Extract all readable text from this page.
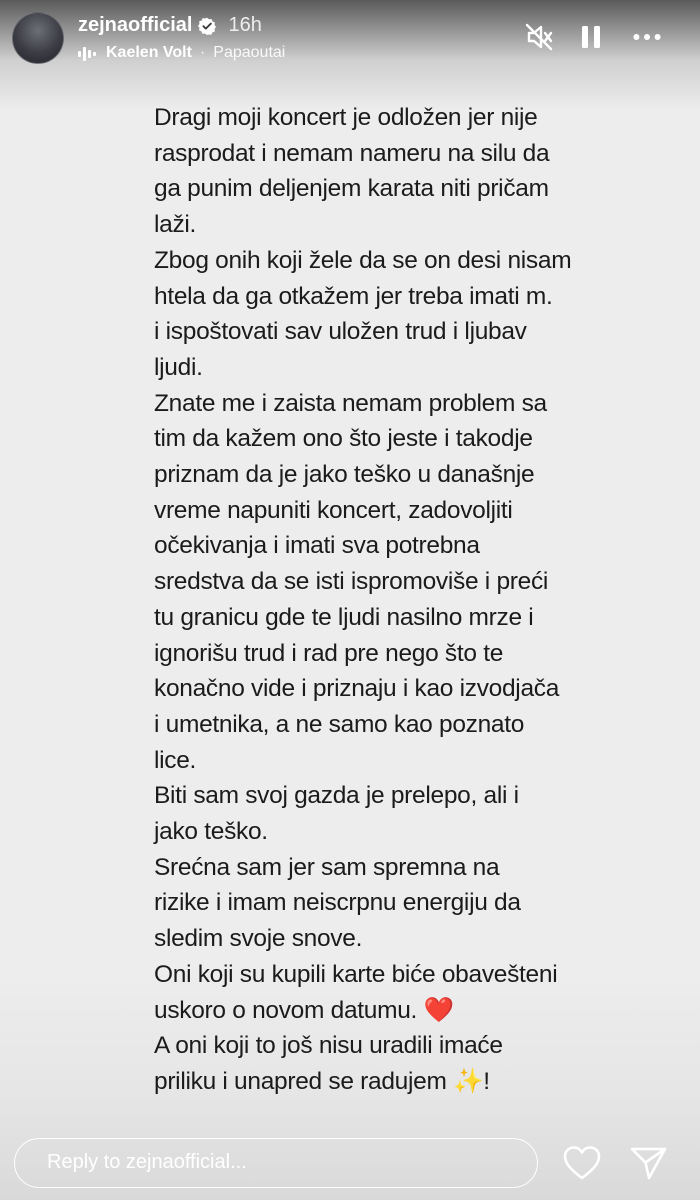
zejnaofficial 16h
Kaelen Volt · Papaoutai
Dragi moji koncert je odložen jer nije
rasprodat i nemam nameru na silu da
ga punim deljenjem karata niti pričam
laži.
Zbog onih koji žele da se on desi nisam
htela da ga otkažem jer treba imati m.
i ispoštovati sav uložen trud i ljubav
ljudi.
Znate me i zaista nemam problem sa
tim da kažem ono što jeste i takodje
priznam da je jako teško u današnje
vreme napuniti koncert, zadovoljiti
očekivanja i imati sva potrebna
sredstva da se isti ispromoviše i preći
tu granicu gde te ljudi nasilno mrze i
ignorišu trud i rad pre nego što te
konačno vide i priznaju i kao izvodjača
i umetnika, a ne samo kao poznato
lice.
Biti sam svoj gazda je prelepo, ali i
jako teško.
Srećna sam jer sam spremna na
rizike i imam neiscrpnu energiju da
sledim svoje snove.
Oni koji su kupili karte biće obavešteni
uskoro o novom datumu. ❤️
A oni koji to još nisu uradili imaće
priliku i unapred se radujem ✨!
Reply to zejnaofficial...
